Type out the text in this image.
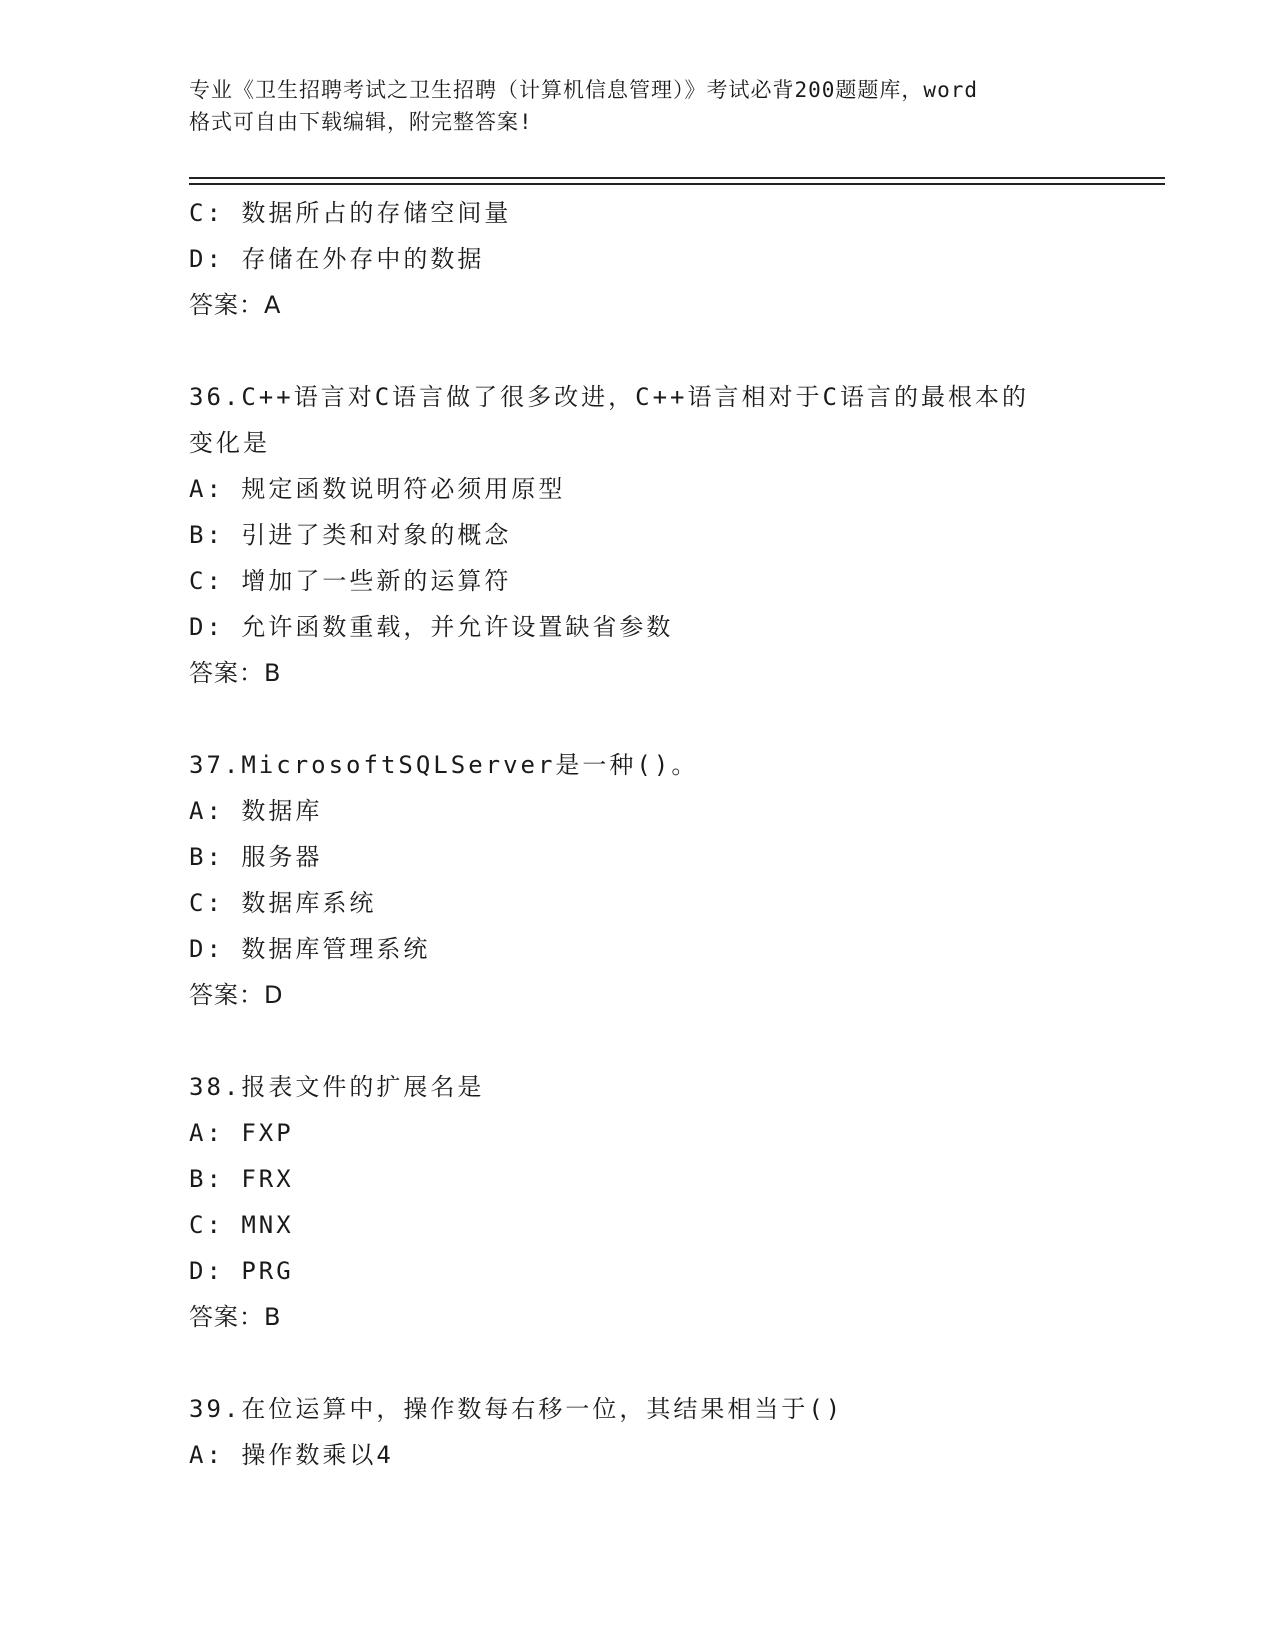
专业《卫生招聘考试之卫生招聘（计算机信息管理）》考试必背200题题库，word
格式可自由下载编辑，附完整答案!
C: 数据所占的存储空间量
D: 存储在外存中的数据
答案：A
36.C++语言对C语言做了很多改进，C++语言相对于C语言的最根本的
变化是
A: 规定函数说明符必须用原型
B: 引进了类和对象的概念
C: 增加了一些新的运算符
D: 允许函数重载，并允许设置缺省参数
答案：B
37.MicrosoftSQLServer是一种()。
A: 数据库
B: 服务器
C: 数据库系统
D: 数据库管理系统
答案：D
38.报表文件的扩展名是
A: FXP
B: FRX
C: MNX
D: PRG
答案：B
39.在位运算中，操作数每右移一位，其结果相当于()
A: 操作数乘以4
